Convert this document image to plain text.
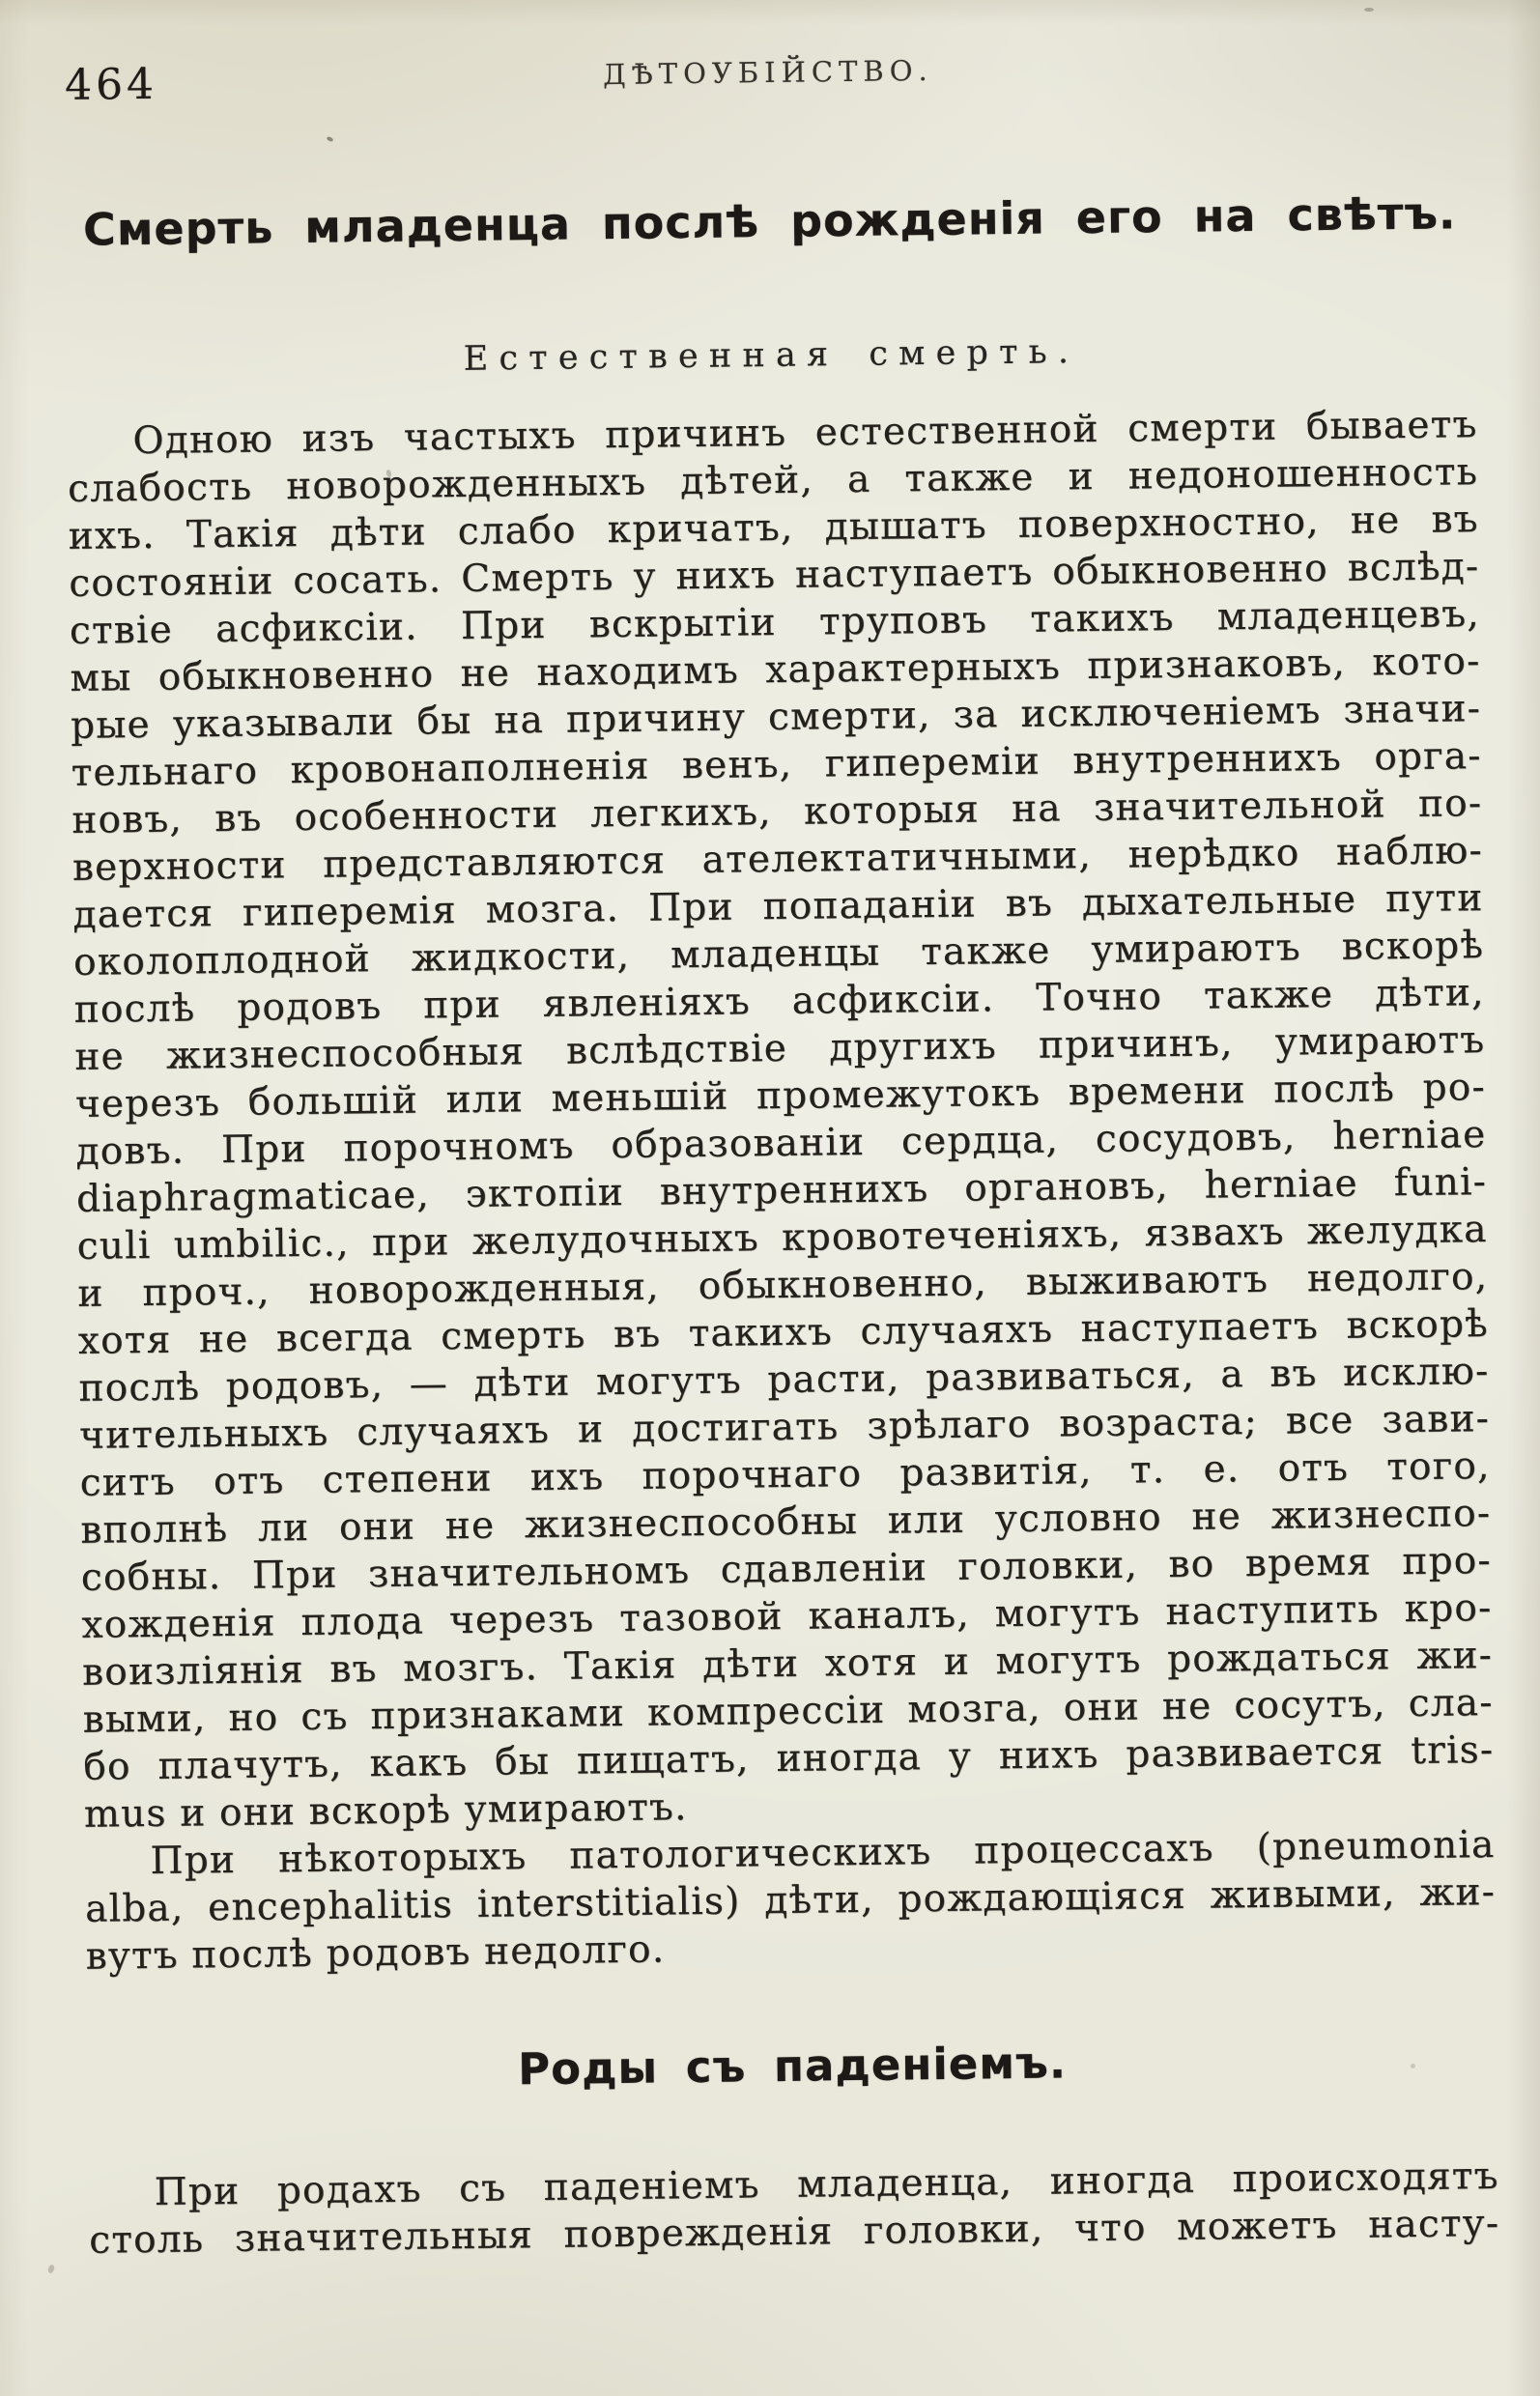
464	ДѢТОУБІЙСТВО.
Смерть младенца послѣ рожденія его на свѣтъ.
Естественная смерть.
Одною изъ частыхъ причинъ естественной смерти бываетъ
слабость новорожденныхъ дѣтей, а также и недоношенность
ихъ. Такія дѣти слабо кричатъ, дышатъ поверхностно, не въ
состояніи сосать. Смерть у нихъ наступаетъ обыкновенно вслѣд-
ствіе асфиксіи. При вскрытіи труповъ такихъ младенцевъ,
мы обыкновенно не находимъ характерныхъ признаковъ, кото-
рые указывали бы на причину смерти, за исключеніемъ значи-
тельнаго кровонаполненія венъ, гипереміи внутреннихъ орга-
новъ, въ особенности легкихъ, которыя на значительной по-
верхности представляются ателектатичными, нерѣдко наблю-
дается гиперемія мозга. При попаданіи въ дыхательные пути
околоплодной жидкости, младенцы также умираютъ вскорѣ
послѣ родовъ при явленіяхъ асфиксіи. Точно также дѣти,
не жизнеспособныя вслѣдствіе другихъ причинъ, умираютъ
черезъ большій или меньшій промежутокъ времени послѣ ро-
довъ. При порочномъ образованіи сердца, сосудовъ, herniae
diaphragmaticae, эктопіи внутреннихъ органовъ, herniae funi-
culi umbilic., при желудочныхъ кровотеченіяхъ, язвахъ желудка
и проч., новорожденныя, обыкновенно, выживаютъ недолго,
хотя не всегда смерть въ такихъ случаяхъ наступаетъ вскорѣ
послѣ родовъ, — дѣти могутъ расти, развиваться, а въ исклю-
чительныхъ случаяхъ и достигать зрѣлаго возраста; все зави-
ситъ отъ степени ихъ порочнаго развитія, т. е. отъ того,
вполнѣ ли они не жизнеспособны или условно не жизнеспо-
собны. При значительномъ сдавленіи головки, во время про-
хожденія плода черезъ тазовой каналъ, могутъ наступить кро-
воизліянія въ мозгъ. Такія дѣти хотя и могутъ рождаться жи-
выми, но съ признаками компрессіи мозга, они не сосутъ, сла-
бо плачутъ, какъ бы пищатъ, иногда у нихъ развивается tris-
mus и они вскорѣ умираютъ.
При нѣкоторыхъ патологическихъ процессахъ (pneumonia
alba, encephalitis interstitialis) дѣти, рождающіяся живыми, жи-
вутъ послѣ родовъ недолго.
Роды съ паденіемъ.
При родахъ съ паденіемъ младенца, иногда происходятъ
столь значительныя поврежденія головки, что можетъ насту-
